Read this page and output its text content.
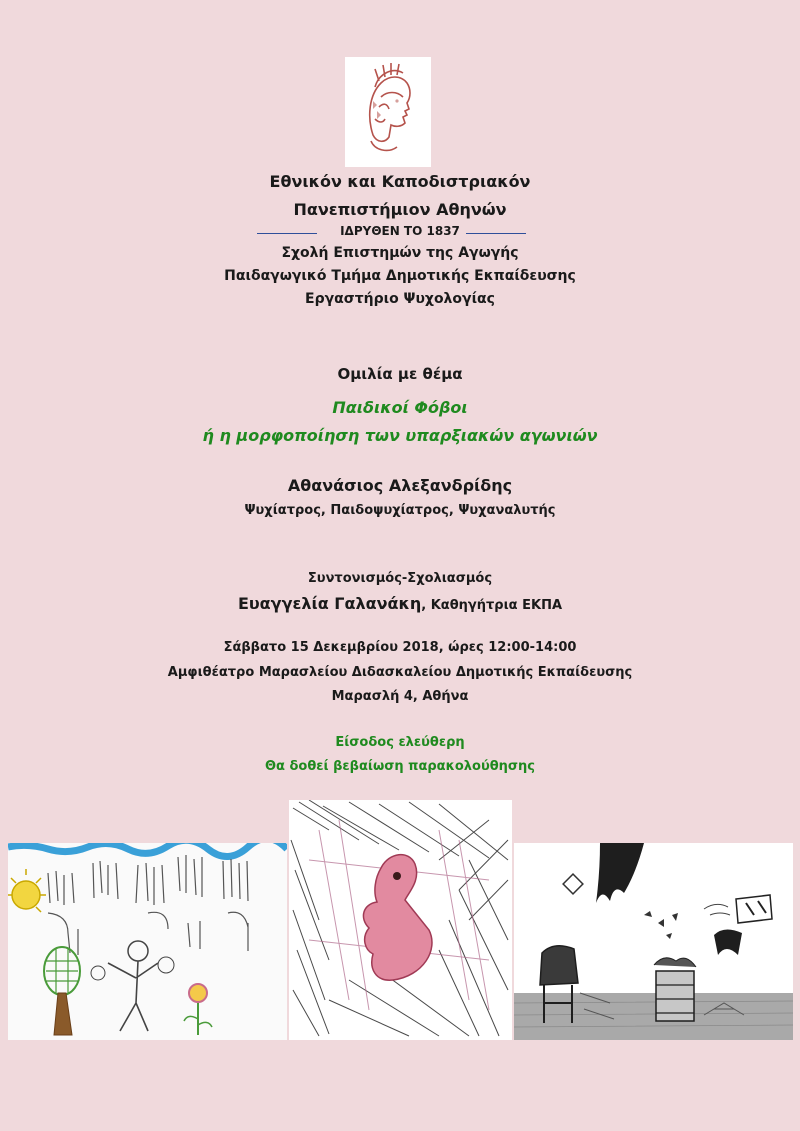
Εθνικόν και Καποδιστριακόν
Πανεπιστήμιον Αθηνών
ΙΔΡΥΘΕΝ ΤΟ 1837
Σχολή Επιστημών της Αγωγής
Παιδαγωγικό Τμήμα Δημοτικής Εκπαίδευσης
Εργαστήριο Ψυχολογίας
Ομιλία με θέμα
Παιδικοί Φόβοι
ή η μορφοποίηση των υπαρξιακών αγωνιών
Αθανάσιος Αλεξανδρίδης
Ψυχίατρος, Παιδοψυχίατρος, Ψυχαναλυτής
Συντονισμός-Σχολιασμός
Ευαγγελία Γαλανάκη, Καθηγήτρια ΕΚΠΑ
Σάββατο 15 Δεκεμβρίου 2018, ώρες 12:00-14:00
Αμφιθέατρο Μαρασλείου Διδασκαλείου Δημοτικής Εκπαίδευσης
Μαρασλή 4, Αθήνα
Είσοδος ελεύθερη
Θα δοθεί βεβαίωση παρακολούθησης
